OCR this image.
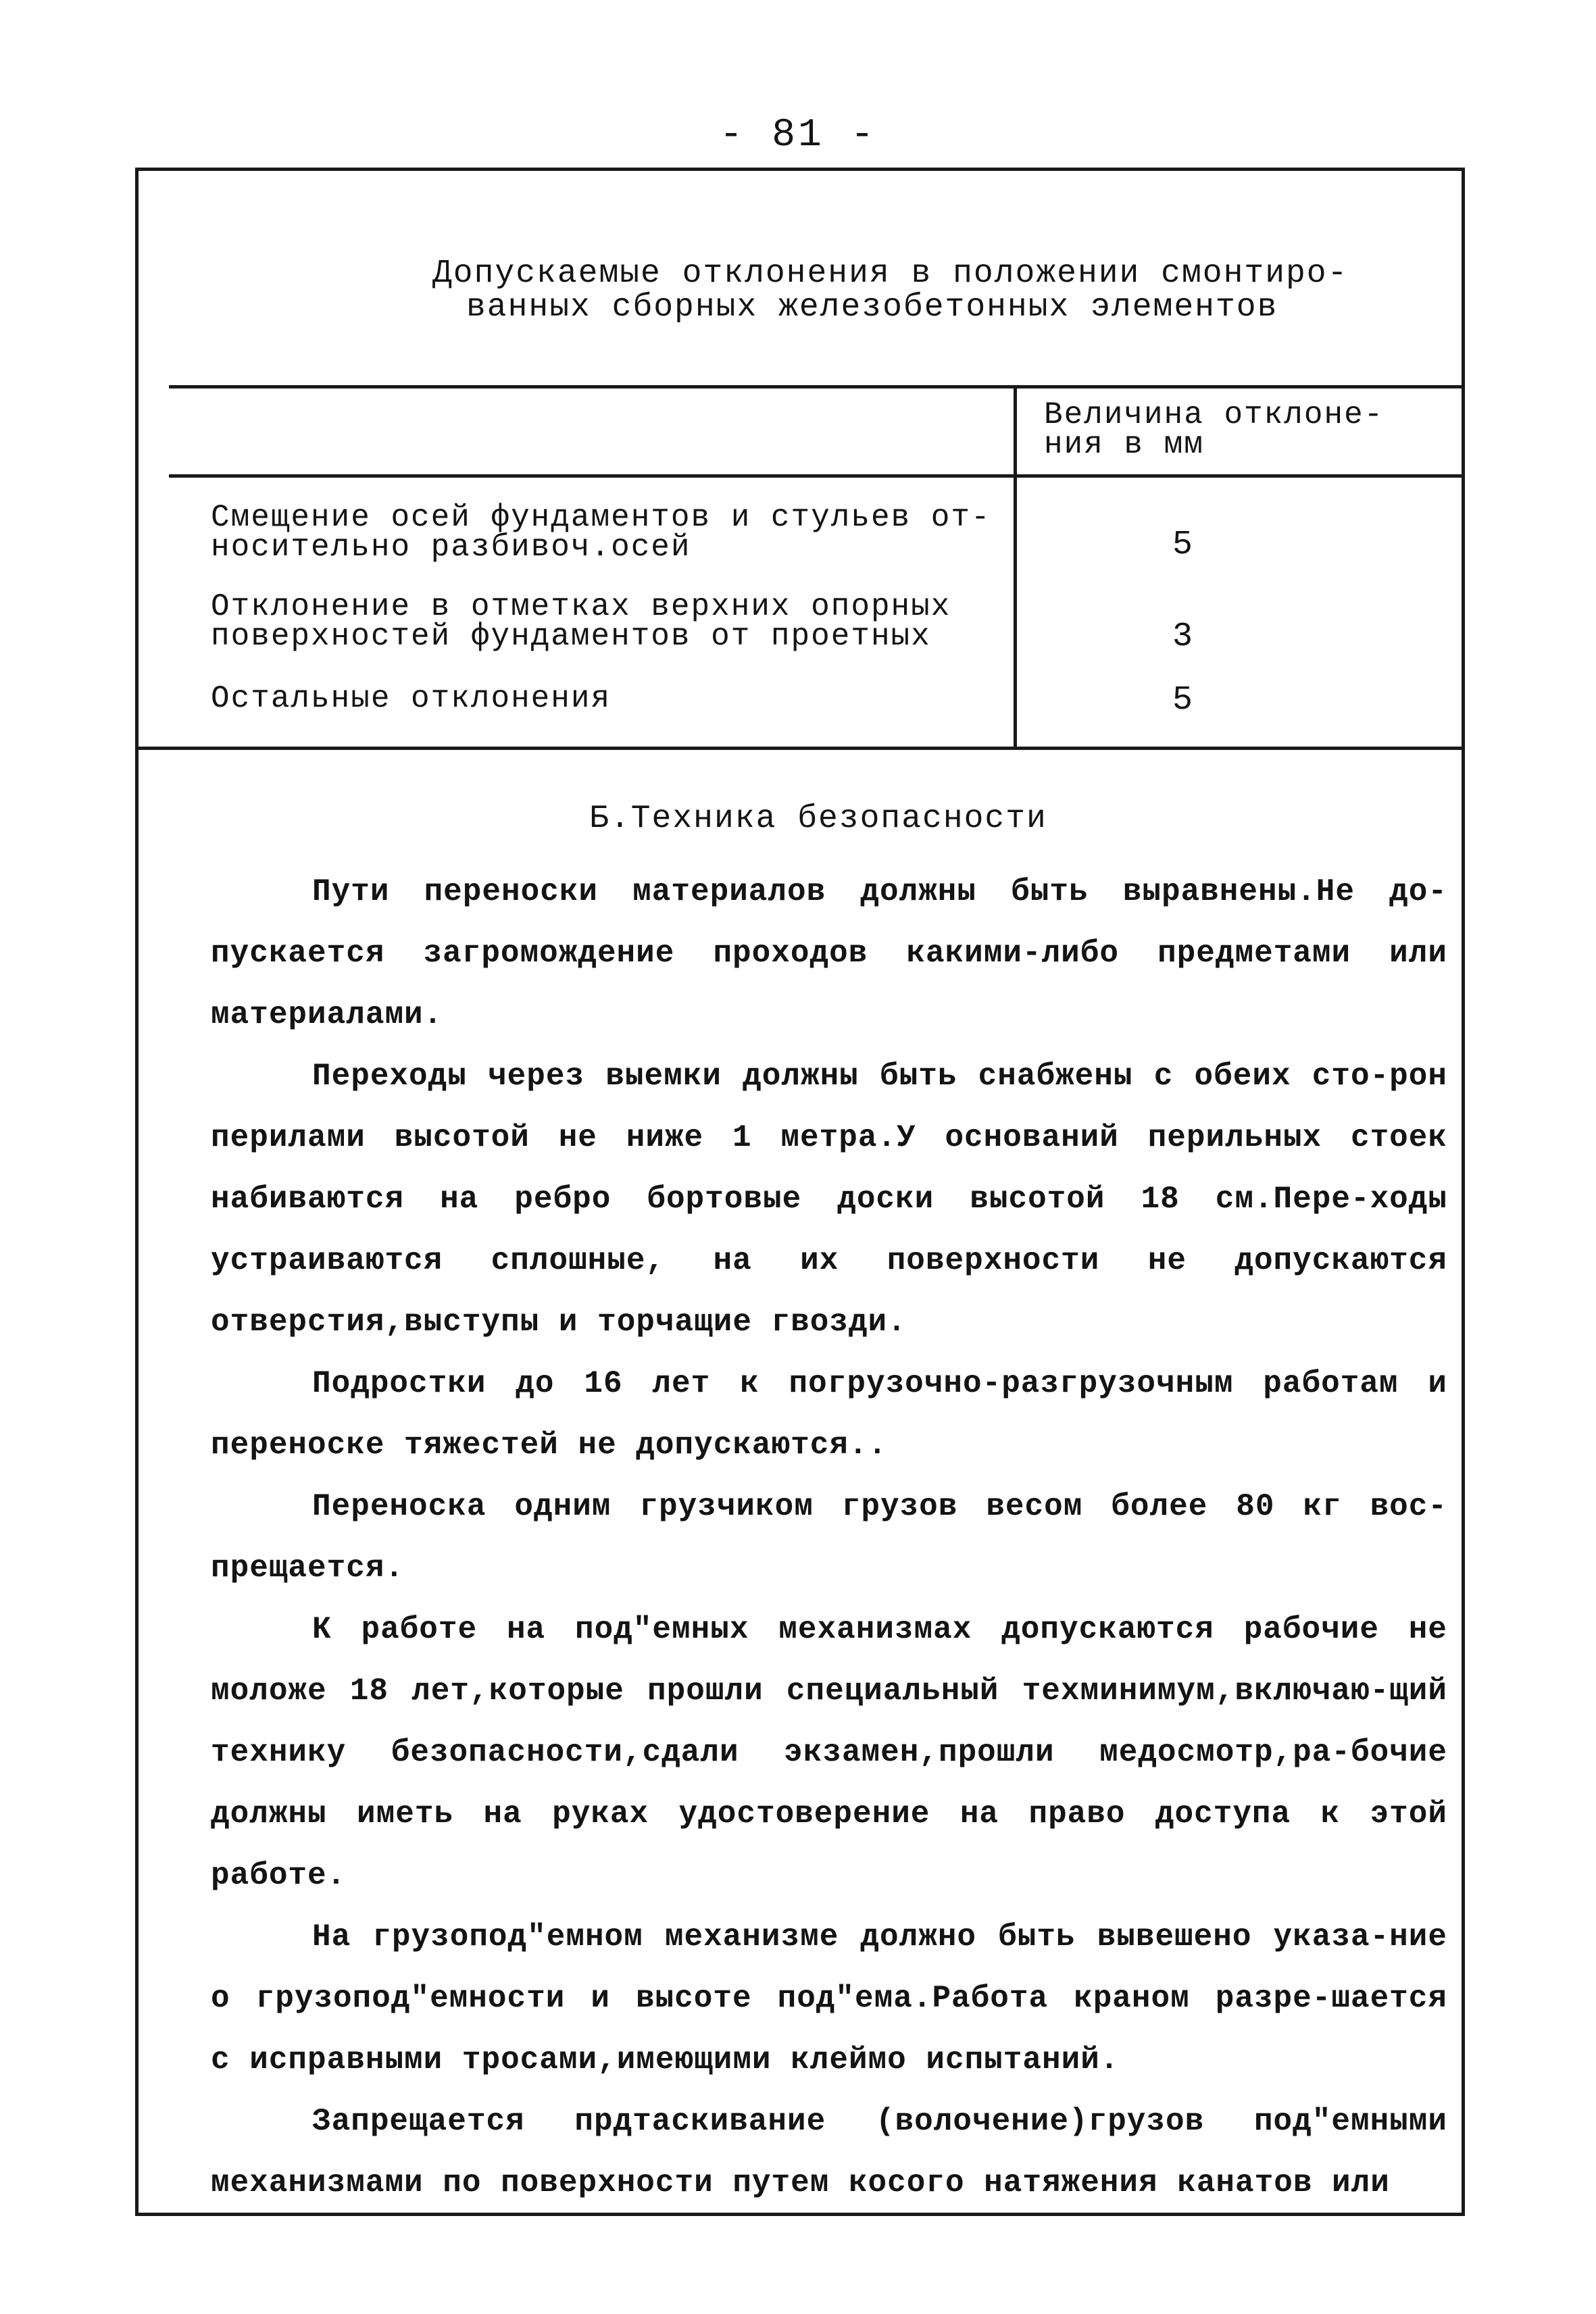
- 81 -
Допускаемые отклонения в положении смонтиро-
ванных сборных железобетонных элементов
Величина отклоне-
ния в мм
Смещение осей фундаментов и стульев от-
носительно разбивоч.осей	5
Отклонение в отметках верхних опорных
поверхностей фундаментов от проетных	3
Остальные отклонения	5
Б.Техника безопасности

Пути переноски материалов должны быть выравнены.Не до-пускается загромождение проходов какими-либо предметами или материалами.

Переходы через выемки должны быть снабжены с обеих сто-рон перилами высотой не ниже 1 метра.У оснований перильных стоек набиваются на ребро бортовые доски высотой 18 см.Пере-ходы устраиваются сплошные, на их поверхности не допускаются отверстия,выступы и торчащие гвозди.

Подростки до 16 лет к погрузочно-разгрузочным работам и переноске тяжестей не допускаются..

Переноска одним грузчиком грузов весом более 80 кг вос-прещается.

К работе на под"емных механизмах допускаются рабочие не моложе 18 лет,которые прошли специальный техминимум,включаю-щий технику безопасности,сдали экзамен,прошли медосмотр,ра-бочие должны иметь на руках удостоверение на право доступа к этой работе.

На грузопод"емном механизме должно быть вывешено указа-ние о грузопод"емности и высоте под"ема.Работа краном разре-шается с исправными тросами,имеющими клеймо испытаний.

Запрещается прдтаскивание (волочение)грузов под"емными механизмами по поверхности путем косого натяжения канатов или
